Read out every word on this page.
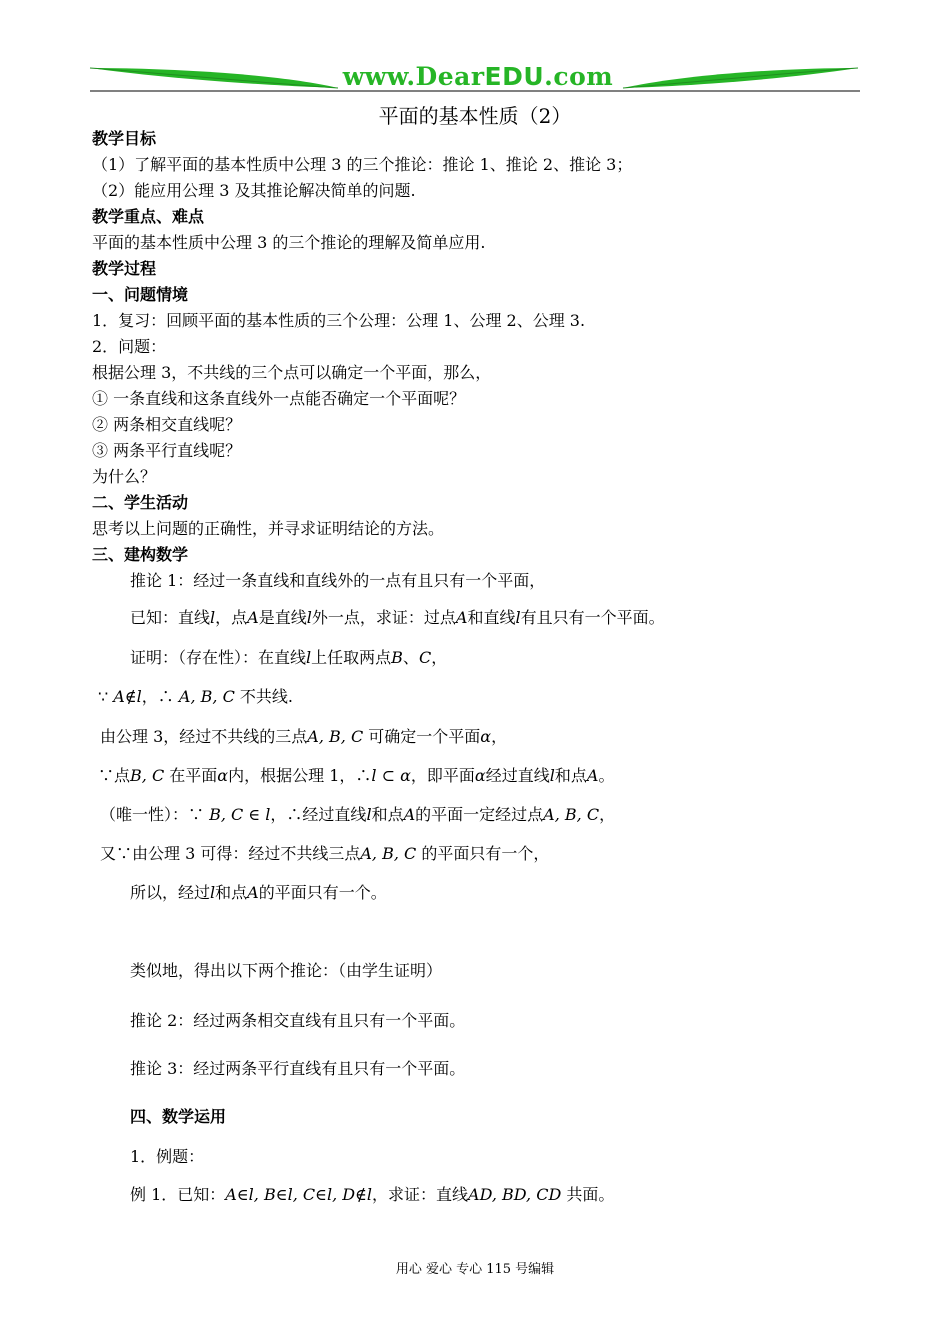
www.DearEDU.com
平面的基本性质（2）
教学目标
（1）了解平面的基本性质中公理 3 的三个推论：推论 1、推论 2、推论 3；
（2）能应用公理 3 及其推论解决简单的问题.
教学重点、难点
平面的基本性质中公理 3 的三个推论的理解及简单应用.
教学过程
一、问题情境
1．复习：回顾平面的基本性质的三个公理：公理 1、公理 2、公理 3.
2．问题：
根据公理 3，不共线的三个点可以确定一个平面，那么，
① 一条直线和这条直线外一点能否确定一个平面呢？
② 两条相交直线呢？
③ 两条平行直线呢？
为什么？
二、学生活动
思考以上问题的正确性，并寻求证明结论的方法。
三、建构数学
推论 1：经过一条直线和直线外的一点有且只有一个平面，
已知：直线l，点A是直线l外一点，求证：过点A和直线l有且只有一个平面。
证明：（存在性）：在直线l上任取两点B、C，
∵ A∉l，∴ A, B, C 不共线.
由公理 3，经过不共线的三点A, B, C 可确定一个平面α，
∵点B, C 在平面α内，根据公理 1，∴l ⊂ α，即平面α经过直线l和点A。
（唯一性）：∵ B, C ∈ l，∴经过直线l和点A的平面一定经过点A, B, C，
又∵由公理 3 可得：经过不共线三点A, B, C 的平面只有一个，
所以，经过l和点A的平面只有一个。
类似地，得出以下两个推论：（由学生证明）
推论 2：经过两条相交直线有且只有一个平面。
推论 3：经过两条平行直线有且只有一个平面。
四、数学运用
1．例题：
例 1．已知：A∈l, B∈l, C∈l, D∉l，求证：直线AD, BD, CD 共面。
用心 爱心 专心 115 号编辑
